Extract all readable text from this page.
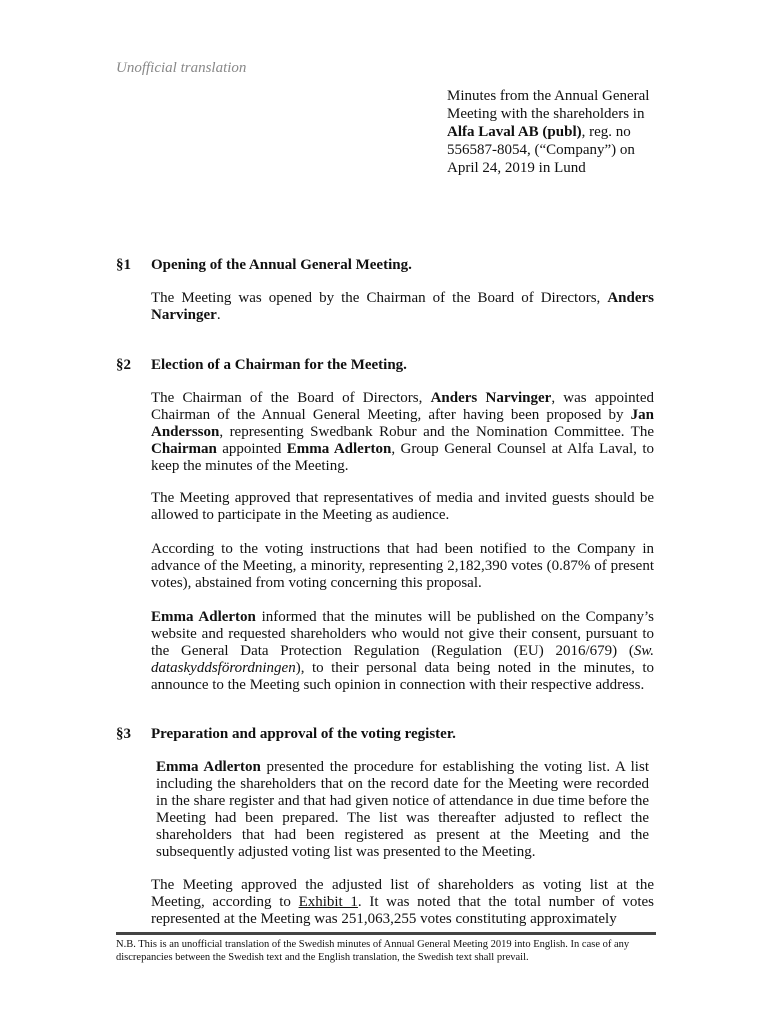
Unofficial translation
Minutes from the Annual General Meeting with the shareholders in Alfa Laval AB (publ), reg. no 556587-8054, (“Company”) on April 24, 2019 in Lund
§1 Opening of the Annual General Meeting.
The Meeting was opened by the Chairman of the Board of Directors, Anders Narvinger.
§2 Election of a Chairman for the Meeting.
The Chairman of the Board of Directors, Anders Narvinger, was appointed Chairman of the Annual General Meeting, after having been proposed by Jan Andersson, representing Swedbank Robur and the Nomination Committee. The Chairman appointed Emma Adlerton, Group General Counsel at Alfa Laval, to keep the minutes of the Meeting.
The Meeting approved that representatives of media and invited guests should be allowed to participate in the Meeting as audience.
According to the voting instructions that had been notified to the Company in advance of the Meeting, a minority, representing 2,182,390 votes (0.87% of present votes), abstained from voting concerning this proposal.
Emma Adlerton informed that the minutes will be published on the Company’s website and requested shareholders who would not give their consent, pursuant to the General Data Protection Regulation (Regulation (EU) 2016/679) (Sw. dataskyddsförordningen), to their personal data being noted in the minutes, to announce to the Meeting such opinion in connection with their respective address.
§3 Preparation and approval of the voting register.
Emma Adlerton presented the procedure for establishing the voting list. A list including the shareholders that on the record date for the Meeting were recorded in the share register and that had given notice of attendance in due time before the Meeting had been prepared. The list was thereafter adjusted to reflect the shareholders that had been registered as present at the Meeting and the subsequently adjusted voting list was presented to the Meeting.
The Meeting approved the adjusted list of shareholders as voting list at the Meeting, according to Exhibit 1. It was noted that the total number of votes represented at the Meeting was 251,063,255 votes constituting approximately
N.B. This is an unofficial translation of the Swedish minutes of Annual General Meeting 2019 into English. In case of any discrepancies between the Swedish text and the English translation, the Swedish text shall prevail.
